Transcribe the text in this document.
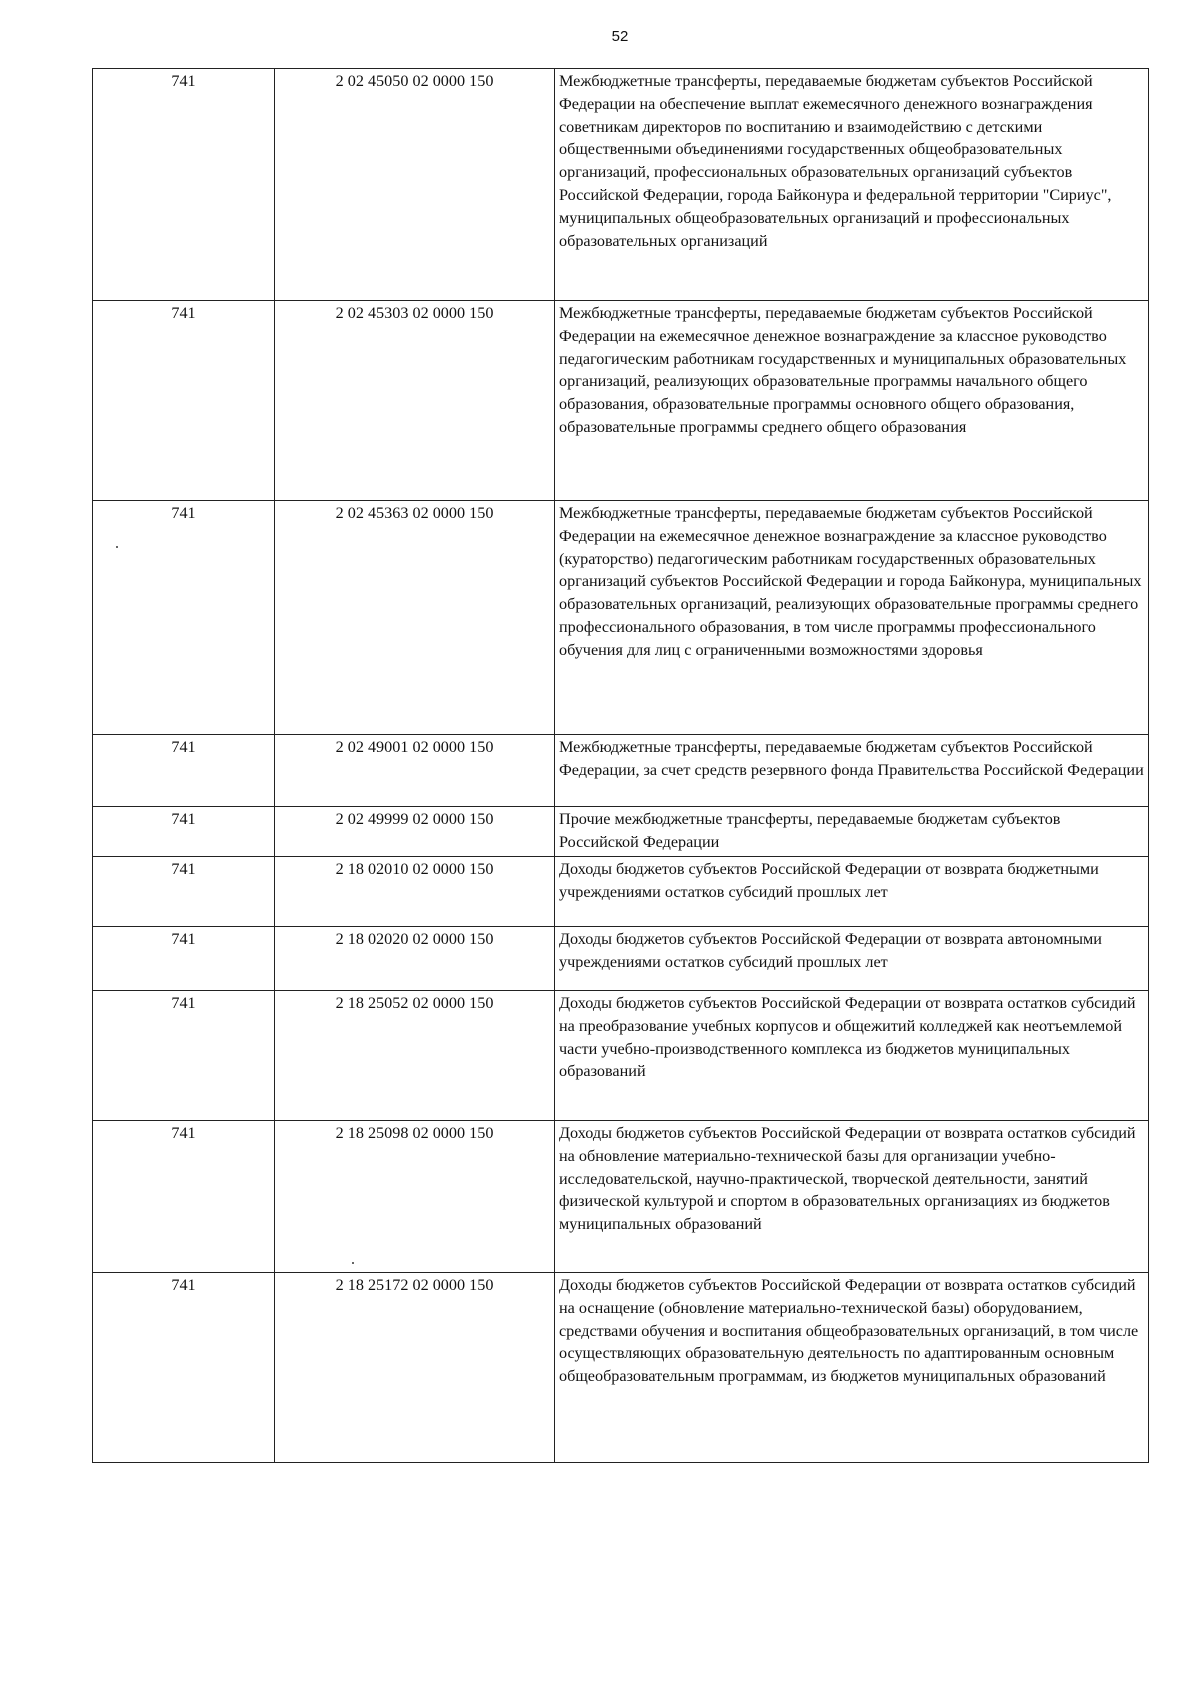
52
741	2 02 45050 02 0000 150	Межбюджетные трансферты, передаваемые бюджетам субъектов Российской Федерации на обеспечение выплат ежемесячного денежного вознаграждения советникам директоров по воспитанию и взаимодействию с детскими общественными объединениями государственных общеобразовательных организаций, профессиональных образовательных организаций субъектов Российской Федерации, города Байконура и федеральной территории "Сириус", муниципальных общеобразовательных организаций и профессиональных образовательных организаций
741	2 02 45303 02 0000 150	Межбюджетные трансферты, передаваемые бюджетам субъектов Российской Федерации на ежемесячное денежное вознаграждение за классное руководство педагогическим работникам государственных и муниципальных образовательных организаций, реализующих образовательные программы начального общего образования, образовательные программы основного общего образования, образовательные программы среднего общего образования
741	2 02 45363 02 0000 150	Межбюджетные трансферты, передаваемые бюджетам субъектов Российской Федерации на ежемесячное денежное вознаграждение за классное руководство (кураторство) педагогическим работникам государственных образовательных организаций субъектов Российской Федерации и города Байконура, муниципальных образовательных организаций, реализующих образовательные программы среднего профессионального образования, в том числе программы профессионального обучения для лиц с ограниченными возможностями здоровья
741	2 02 49001 02 0000 150	Межбюджетные трансферты, передаваемые бюджетам субъектов Российской Федерации, за счет средств резервного фонда Правительства Российской Федерации
741	2 02 49999 02 0000 150	Прочие межбюджетные трансферты, передаваемые бюджетам субъектов Российской Федерации
741	2 18 02010 02 0000 150	Доходы бюджетов субъектов Российской Федерации от возврата бюджетными учреждениями остатков субсидий прошлых лет
741	2 18 02020 02 0000 150	Доходы бюджетов субъектов Российской Федерации от возврата автономными учреждениями остатков субсидий прошлых лет
741	2 18 25052 02 0000 150	Доходы бюджетов субъектов Российской Федерации от возврата остатков субсидий на преобразование учебных корпусов и общежитий колледжей как неотъемлемой части учебно-производственного комплекса из бюджетов муниципальных образований
741	2 18 25098 02 0000 150	Доходы бюджетов субъектов Российской Федерации от возврата остатков субсидий на обновление материально-технической базы для организации учебно-исследовательской, научно-практической, творческой деятельности, занятий физической культурой и спортом в образовательных организациях из бюджетов муниципальных образований
741	2 18 25172 02 0000 150	Доходы бюджетов субъектов Российской Федерации от возврата остатков субсидий на оснащение (обновление материально-технической базы) оборудованием, средствами обучения и воспитания общеобразовательных организаций, в том числе осуществляющих образовательную деятельность по адаптированным основным общеобразовательным программам, из бюджетов муниципальных образований
